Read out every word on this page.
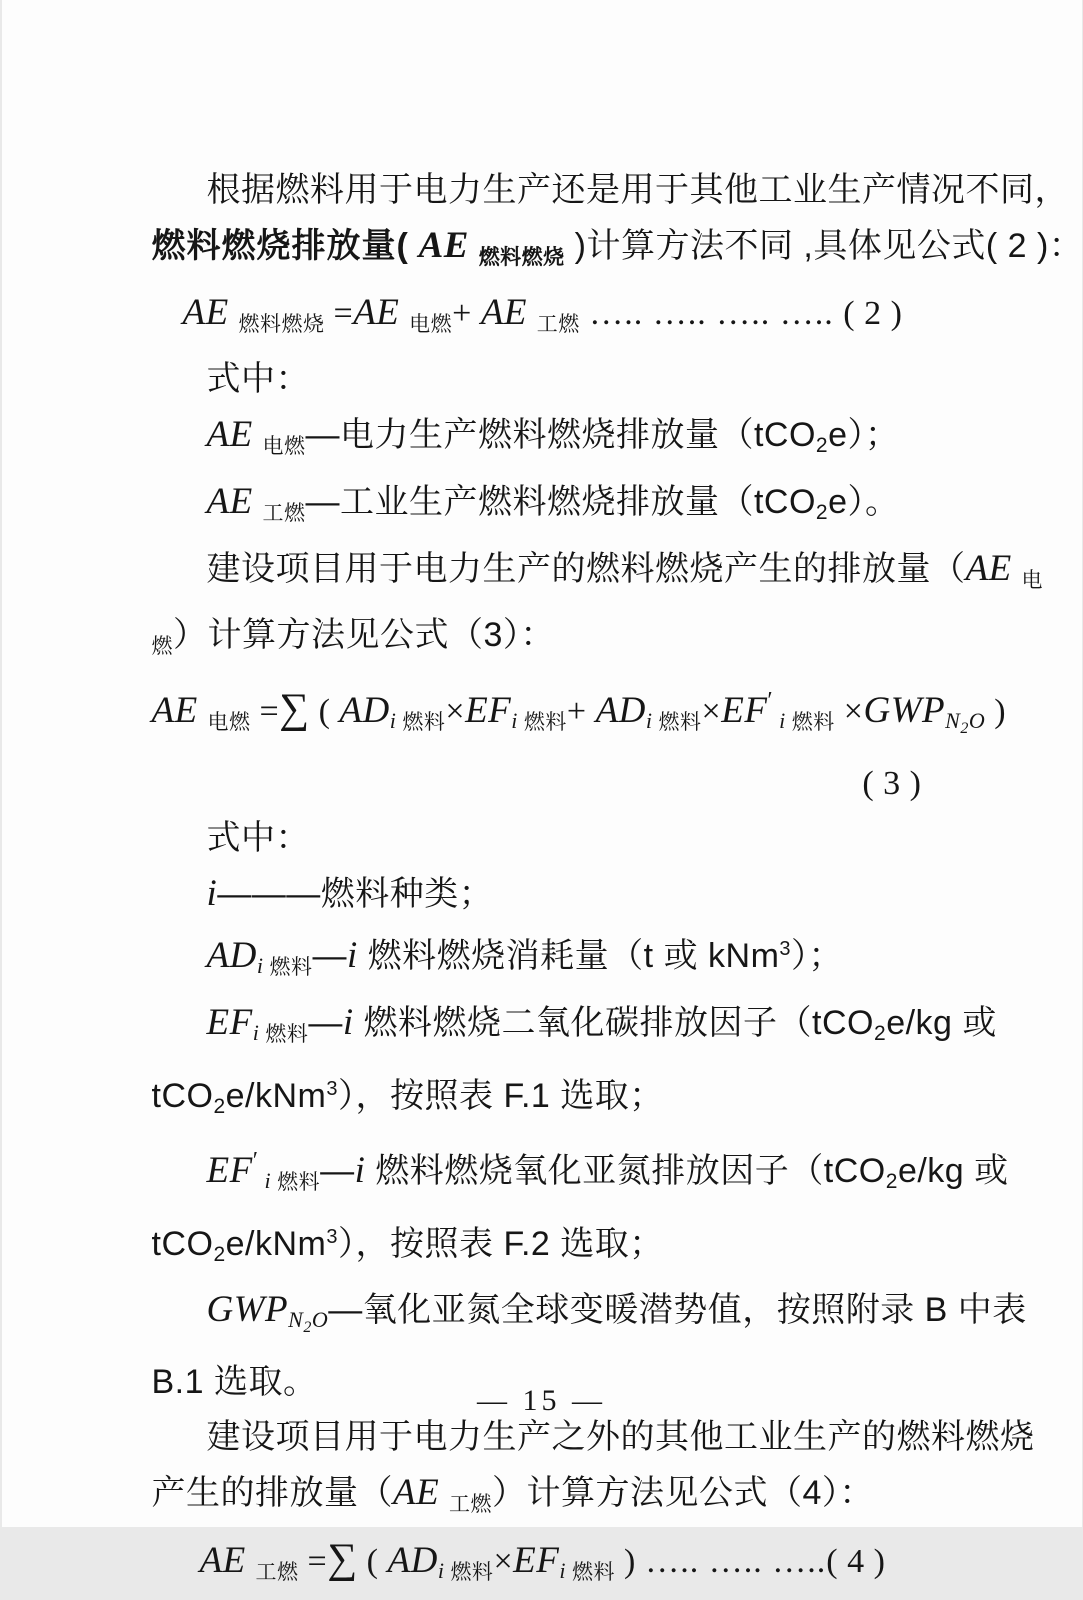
根据燃料用于电力生产还是用于其他工业生产情况不同，
燃料燃烧排放量( AE $_{燃料燃烧}$ )计算方法不同 ,具体见公式( 2 )：
AE $_{燃料燃烧}$ =AE $_{电燃}$+ AE $_{工燃}$ ….. ….. ….. ….. ( 2 )
式中：
AE $_{电燃}$—电力生产燃料燃烧排放量（tCO2e）；
AE $_{工燃}$—工业生产燃料燃烧排放量（tCO2e）。
建设项目用于电力生产的燃料燃烧产生的排放量（AE $_电$
$_燃$）计算方法见公式（3）：
AE $_{电燃}$ =∑ ( ADi $_{燃料}$×EFi $_{燃料}$+ ADi $_{燃料}$×EF′ i $_{燃料} \times GWPN_2O$ )
( 3 )
式中：
i———燃料种类；
ADi $_{燃料}$—i 燃料燃烧消耗量（t 或 kNm$^3$）；
EFi $_{燃料}$—i 燃料燃烧二氧化碳排放因子（tCO2e/kg 或
tCO2e/kNm$^3$），按照表 F.1 选取；
EF′ i $_{燃料}$—i 燃料燃烧氧化亚氮排放因子（tCO2e/kg 或
tCO2e/kNm$^3$），按照表 F.2 选取；
$GWPN_2O—$氧化亚氮全球变暖潜势值，按照附录 B 中表
B.1 选取。
建设项目用于电力生产之外的其他工业生产的燃料燃烧
产生的排放量（AE $_{工燃}$）计算方法见公式（4）：
AE $_{工燃}$ =∑ ( ADi $_{燃料}$×EFi $_{燃料}$ ) ….. ….. …..( 4 )
— 15 —
